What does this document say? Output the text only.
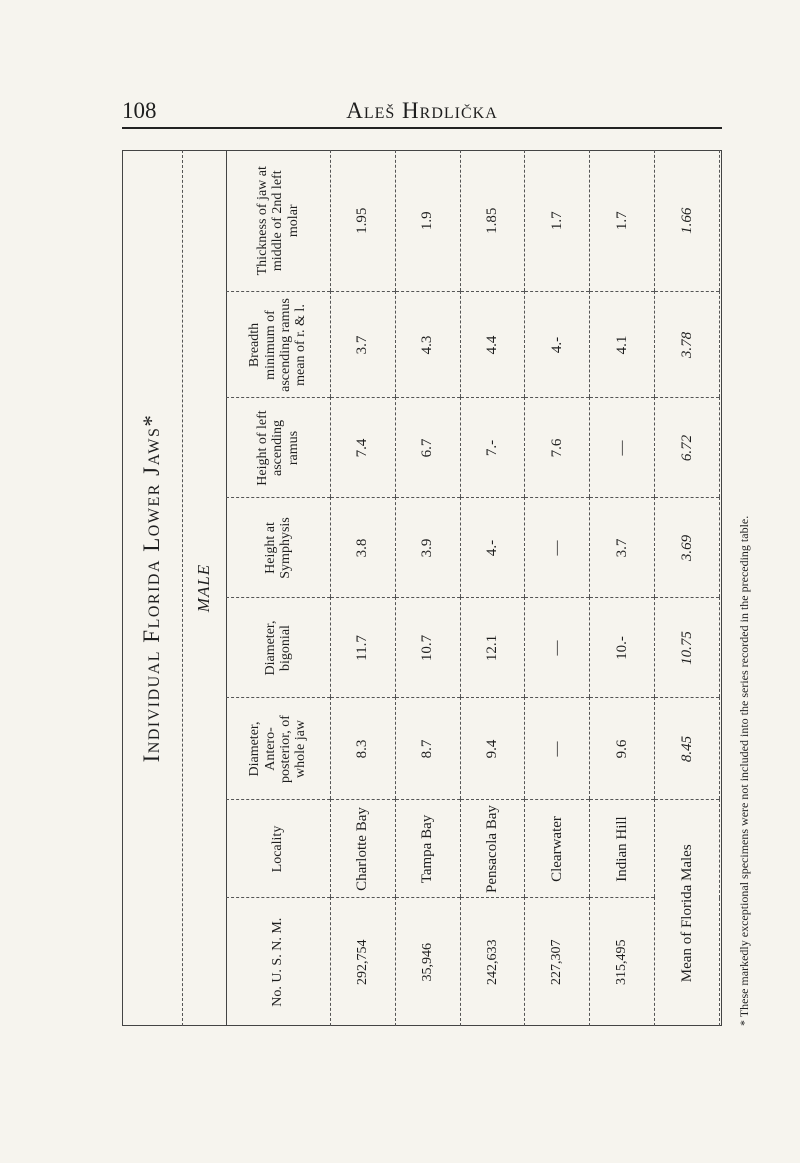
108	Aleš Hrdlička
Individual Florida Lower Jaws*	MALE
No. U. S. N. M.	Locality	Diameter, Antero-posterior, of whole jaw	Diameter, bigonial	Height at Symphysis	Height of left ascending ramus	Breadth minimum of ascending ramus mean of r. & l.	Thickness of jaw at middle of 2nd left molar
292,754	Charlotte Bay	8.3	11.7	3.8	7.4	3.7	1.95
35,946	Tampa Bay	8.7	10.7	3.9	6.7	4.3	1.9
242,633	Pensacola Bay	9.4	12.1	4.-	7.-	4.4	1.85
227,307	Clearwater	—	—	—	7.6	4.-	1.7
315,495	Indian Hill	9.6	10.-	3.7	—	4.1	1.7
Mean of Florida Males		8.45	10.75	3.69	6.72	3.78	1.66
* These markedly exceptional specimens were not included into the series recorded in the preceding table.
